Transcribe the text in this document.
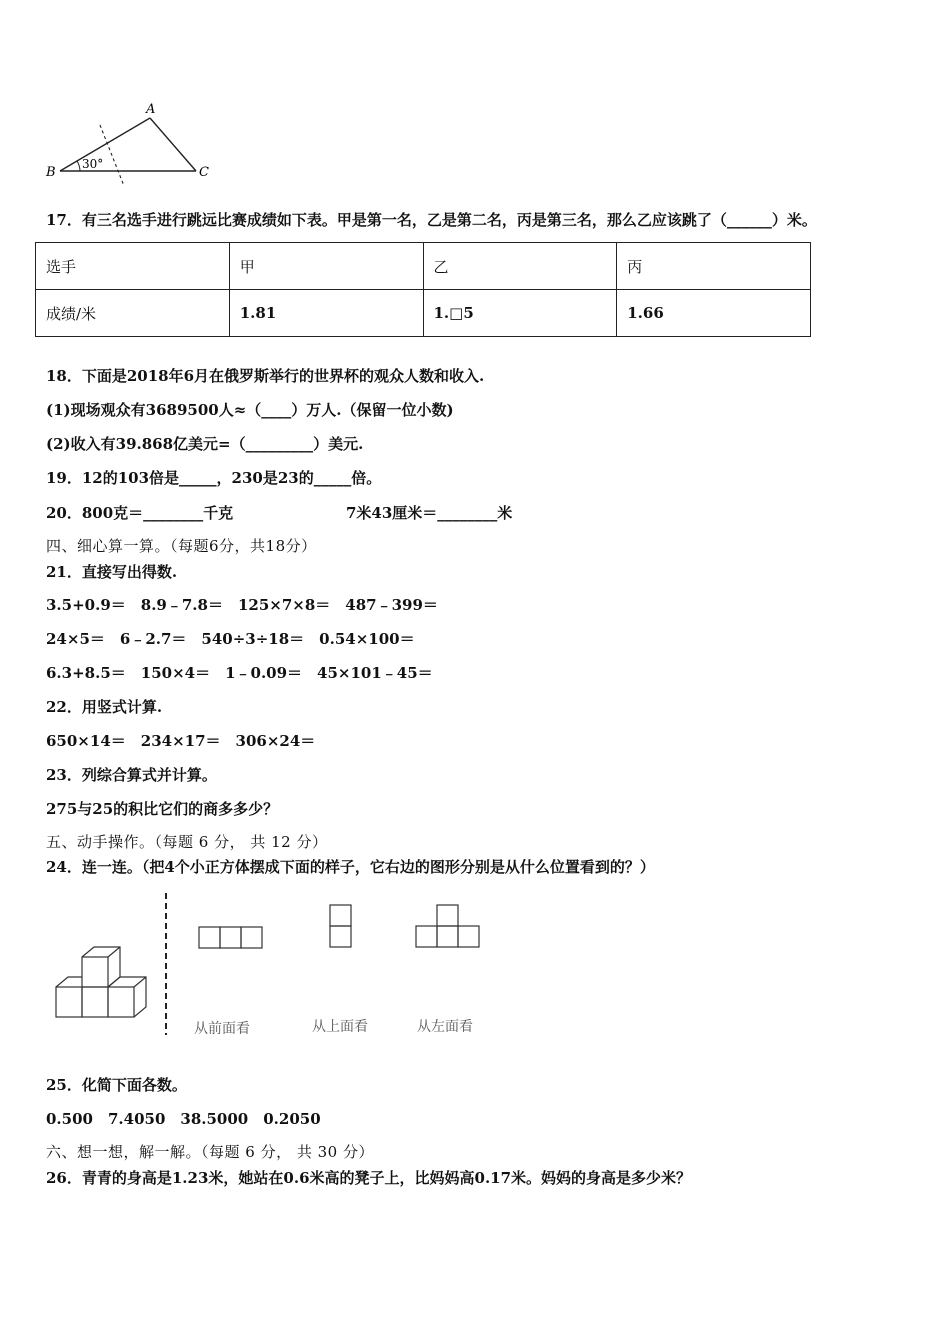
A
B	C
30°
17．有三名选手进行跳远比赛成绩如下表。甲是第一名，乙是第二名，丙是第三名，那么乙应该跳了（______）米。
选手	甲	乙	丙
成绩/米	1.81	1.□5	1.66
18．下面是2018年6月在俄罗斯举行的世界杯的观众人数和收入.
(1)现场观众有3689500人≈（____）万人.（保留一位小数)
(2)收入有39.868亿美元=（_________）美元.
19．12的103倍是_____，230是23的_____倍。
20．800克＝________千克	7米43厘米＝________米
四、细心算一算。（每题6分，共18分）
21．直接写出得数.
3.5+0.9＝　8.9﹣7.8＝　125×7×8＝　487﹣399＝
24×5＝　6﹣2.7＝　540÷3÷18＝　0.54×100＝
6.3+8.5＝　150×4＝　1﹣0.09＝　45×101﹣45＝
22．用竖式计算.
650×14＝　234×17＝　306×24＝
23．列综合算式并计算。
275与25的积比它们的商多多少？
五、动手操作。（每题 6 分， 共 12 分）
24．连一连。（把4个小正方体摆成下面的样子，它右边的图形分别是从什么位置看到的？）
从前面看	从上面看	从左面看
25．化简下面各数。
0.500　7.4050　38.5000　0.2050
六、想一想，解一解。（每题 6 分， 共 30 分）
26．青青的身高是1.23米，她站在0.6米高的凳子上，比妈妈高0.17米。妈妈的身高是多少米？
